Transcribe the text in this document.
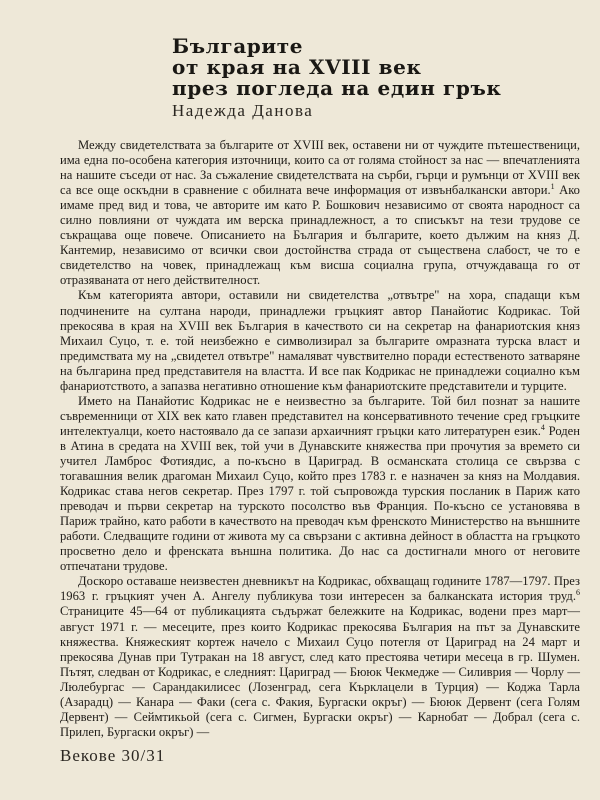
Българите
от края на XVIII век
през погледа на един грък
Надежда Данова

Между свидетелствата за българите от XVIII век, оставени ни от чуждите пътешественици, има една по-особена категория източници, които са от голяма стойност за нас — впечатленията на нашите съседи от нас. За съжаление свидетелствата на сърби, гърци и румънци от XVIII век са все още оскъдни в сравнение с обилната вече информация от извънбалкански автори.$^1$ Ако имаме пред вид и това, че авторите им като Р. Бошкович независимо от своята народност са силно повлияни от чуждата им верска принадлежност, а то списъкът на тези трудове се съкращава още повече. Описанието на България и българите, което дължим на княз Д. Кантемир, независимо от всички свои достойнства страда от съществена слабост, че то е свидетелство на човек, принадлежащ към висша социална група, отчуждаваща го от отразяваната от него действителност.

Към категорията автори, оставили ни свидетелства „отвътре" на хора, спадащи към подчинените на султана народи, принадлежи гръцкият автор Панайотис Кодрикас. Той прекосява в края на XVIII век България в качеството си на секретар на фанариотския княз Михаил Суцо, т. е. той неизбежно е символизирал за българите омразната турска власт и предимствата му на „свидетел отвътре" намаляват чувствително поради естественото затваряне на българина пред представителя на властта. И все пак Кодрикас не принадлежи социално към фанариотството, а запазва негативно отношение към фанариотските представители и турците.

Името на Панайотис Кодрикас не е неизвестно за българите. Той бил познат за нашите съвременници от XIX век като главен представител на консервативното течение сред гръцките интелектуалци, което настоявало да се запази архаичният гръцки като литературен език.$^4$ Роден в Атина в средата на XVIII век, той учи в Дунавските княжества при прочутия за времето си учител Ламброс Фотиядис, а по-късно в Цариград. В османската столица се свързва с тогавашния велик драгоман Михаил Суцо, който през 1783 г. е назначен за княз на Молдавия. Кодрикас става негов секретар. През 1797 г. той съпровожда турския посланик в Париж като преводач и първи секретар на турското посолство във Франция. По-късно се установява в Париж трайно, като работи в качеството на преводач към френското Министерство на външните работи. Следващите години от живота му са свързани с активна дейност в областта на гръцкото просветно дело и френската външна политика. До нас са достигнали много от неговите отпечатани трудове.

Доскоро оставаше неизвестен дневникът на Кодрикас, обхващащ годините 1787—1797. През 1963 г. гръцкият учен А. Ангелу публикува този интересен за балканската история труд.$^6$ Страниците 45—64 от публикацията съдържат бележките на Кодрикас, водени през март—август 1971 г. — месеците, през които Кодрикас прекосява България на път за Дунавските княжества. Княжеският кортеж начело с Михаил Суцо потегля от Цариград на 24 март и прекосява Дунав при Тутракан на 18 август, след като престоява четири месеца в гр. Шумен. Пътят, следван от Кодрикас, е следният: Цариград — Бююк Чекмедже — Силиврия — Чорлу — Люлебургас — Сарандакилисес (Лозенград, сега Кърклацели в Турция) — Коджа Тарла (Азарадц) — Канара — Факи (сега с. Факия, Бургаски окръг) — Бююк Дервент (сега Голям Дервент) — Сеймтикьой (сега с. Сигмен, Бургаски окръг) — Карнобат — Добрал (сега с. Прилеп, Бургаски окръг) —

Векове 30/31
